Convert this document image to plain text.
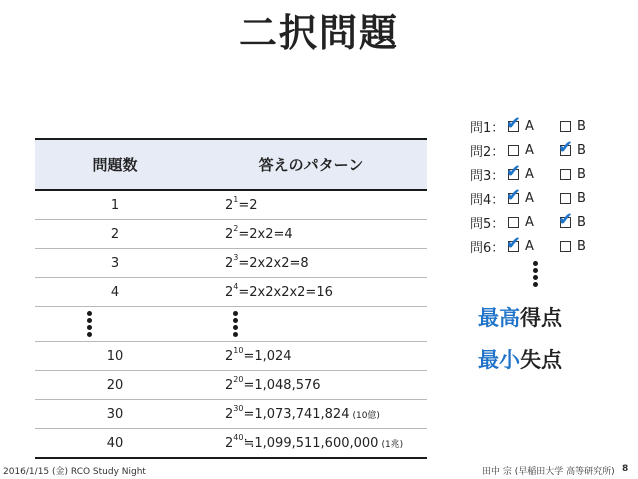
二択問題
問題数	答えのパターン
1	$2^1=2$
2	$2^2=2x2=4$
3	$2^3=2x2x2=8$
4	$2^4=2x2x2x2=16$

10	$2^{10}=1,024$
20	$2^{20}=1,048,576$
30	$2^{30}=1,073,741,824$ (10億)
40	$2^{40}≒1,099,511,600,000$ (1兆)
問1： ✔ A	B
問2： A ✔ B
問3： ✔ A	B
問4： ✔ A	B
問5： A ✔ B
問6： ✔ A	B
最高得点
最小失点
2016/1/15 (金) RCO Study Night	田中 宗 (早稲田大学 高等研究所) 8
